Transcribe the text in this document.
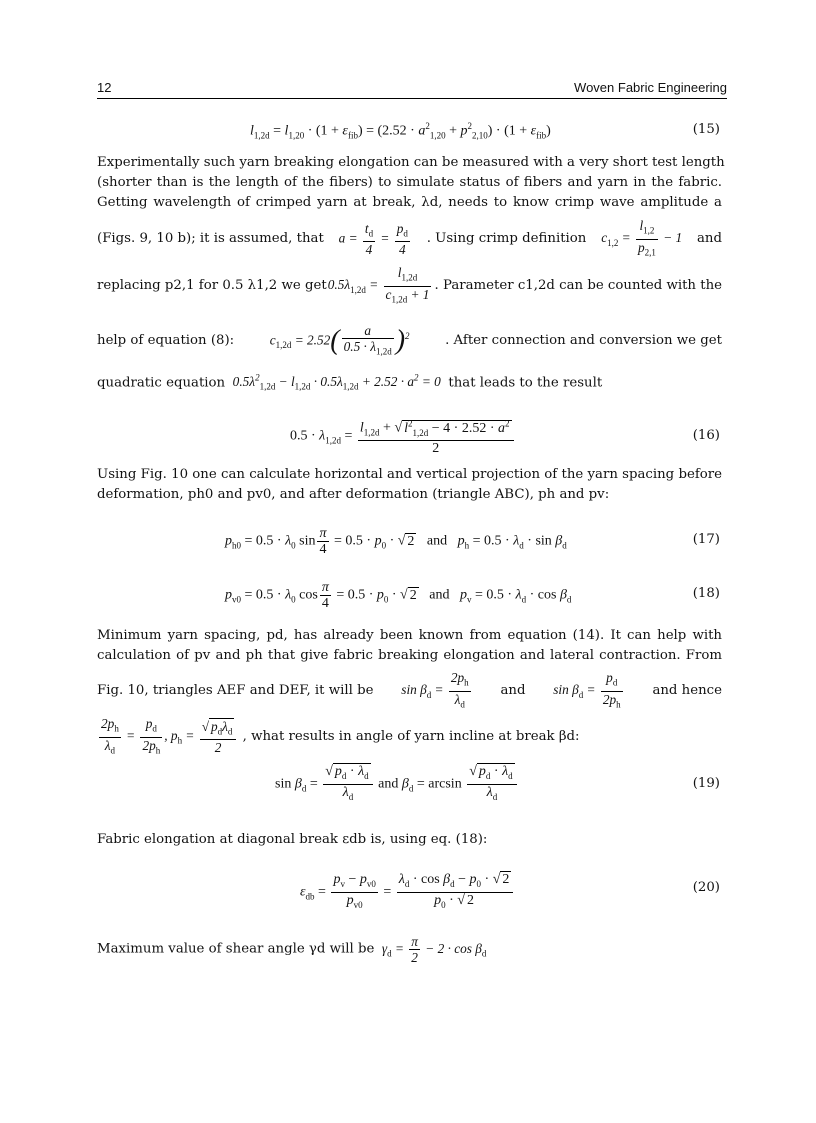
12	Woven Fabric Engineering
$l_{1,2d} = l_{1,20} \cdot (1 + \varepsilon_{fib}) = (2.52 \cdot a^2_{1,20} + p^2_{2,10}) \cdot (1 + \varepsilon_{fib})$	(15)
Experimentally such yarn breaking elongation can be measured with a very short test length
(shorter than is the length of the fibers) to simulate status of fibers and yarn in the fabric.
Getting wavelength of crimped yarn at break, λd, needs to know crimp wave amplitude a
(Figs. 9, 10 b); it is assumed, that $a = \frac{t_d}{4} = \frac{p_d}{4}$ . Using crimp definition $c_{1,2} = \frac{l_{1,2}}{p_{2,1}} - 1$ and
replacing p2,1 for 0.5 λ1,2 we get $0.5\lambda_{1,2d} = \frac{l_{1,2d}}{c_{1,2d} + 1}$ . Parameter c1,2d can be counted with the
help of equation (8):	$c_{1,2d} = 2.52( \frac{a}{0.5 \cdot \lambda_{1,2d}} )^2$	. After connection and conversion we get
quadratic equation  $0.5\lambda^2_{1,2d} - l_{1,2d} \cdot 0.5\lambda_{1,2d} + 2.52 \cdot a^2 = 0$  that leads to the result
$0.5 \cdot \lambda_{1,2d} = \frac{l_{1,2d} + √ l^2_{1,2d} - 4 \cdot 2.52 \cdot a^2}{2}$	(16)
Using Fig. 10 one can calculate horizontal and vertical projection of the yarn spacing before
deformation, ph0 and pv0, and after deformation (triangle ABC), ph and pv:
$p_{h0} = 0.5 \cdot \lambda_0$ $\sin \frac{\pi}{4} = 0.5 \cdot p_0$ · √ 2 and $p_h = 0.5 \cdot \lambda_d \cdot \sin \beta_d$	(17)
$p_{v0} = 0.5 \cdot \lambda_0$ $\cos \frac{\pi}{4} = 0.5 \cdot p_0$ · √ 2 and $p_v = 0.5 \cdot \lambda_d \cdot \cos \beta_d$	(18)
Minimum yarn spacing, pd, has already been known from equation (14). It can help with
calculation of pv and ph that give fabric breaking elongation and lateral contraction. From
Fig. 10, triangles AEF and DEF, it will be $\sin \beta_d = \frac{2p_h}{\lambda_d}$ and $\sin \beta_d = \frac{p_d}{2p_h}$ and hence
$\frac{2p_h}{\lambda_d} = \frac{p_d}{2p_h}$ , $p_h = \frac{√ p_d\lambda_d}{2}$ , what results in angle of yarn incline at break βd:
$\sin \beta_d = \frac{√ p_d \cdot \lambda_d}{\lambda_d}$ and $\beta_d = \arcsin \frac{√ p_d \cdot \lambda_d}{\lambda_d}$	(19)
Fabric elongation at diagonal break εdb is, using eq. (18):
$\varepsilon_{db} = \frac{p_v - p_{v0}}{p_{v0}} = \frac{\lambda_d \cdot \cos \beta_d - p_0 \cdot √ 2}{p_0 \cdot √ 2}$	(20)
Maximum value of shear angle γd will be $\gamma_d = \frac{\pi}{2} - 2 \cdot \cos \beta_d$
